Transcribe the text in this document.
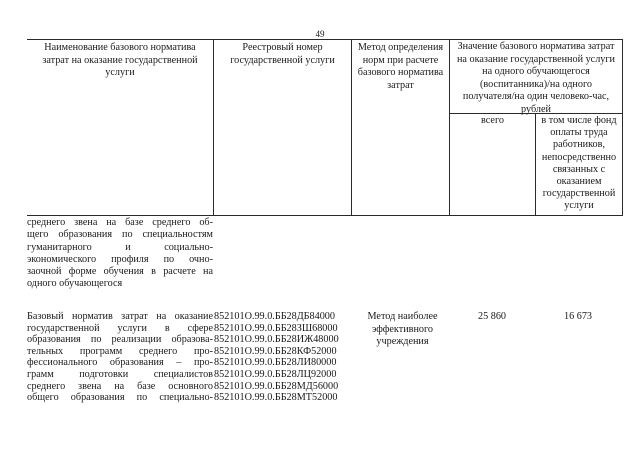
49
Наименование базового норматива
затрат на оказание государственной
услуги
Реестровый номер
государственной услуги
Метод определения
норм при расчете
базового норматива
затрат
Значение базового норматива затрат
на оказание государственной услуги
на одного обучающегося
(воспитанника)/на одного
получателя/на один человеко-час,
рублей
всего	в том числе фонд
оплаты труда
работников,
непосредственно
связанных с
оказанием
государственной
услуги
среднего звена на базе среднего об-
щего образования по специальностям
гуманитарного и социально-
экономического профиля по очно-
заочной форме обучения в расчете на
одного обучающегося
Базовый норматив затрат на оказание
государственной услуги в сфере
образования по реализации образова-
тельных программ среднего про-
фессионального образования – про-
грамм подготовки специалистов
среднего звена на базе основного
общего образования по специально-
852101О.99.0.ББ28ДБ84000
852101О.99.0.ББ28ЗШ68000
852101О.99.0.ББ28ИЖ48000
852101О.99.0.ББ28КФ52000
852101О.99.0.ББ28ЛИ80000
852101О.99.0.ББ28ЛЦ92000
852101О.99.0.ББ28МД56000
852101О.99.0.ББ28МТ52000
Метод наиболее
эффективного
учреждения
25 860	16 673
